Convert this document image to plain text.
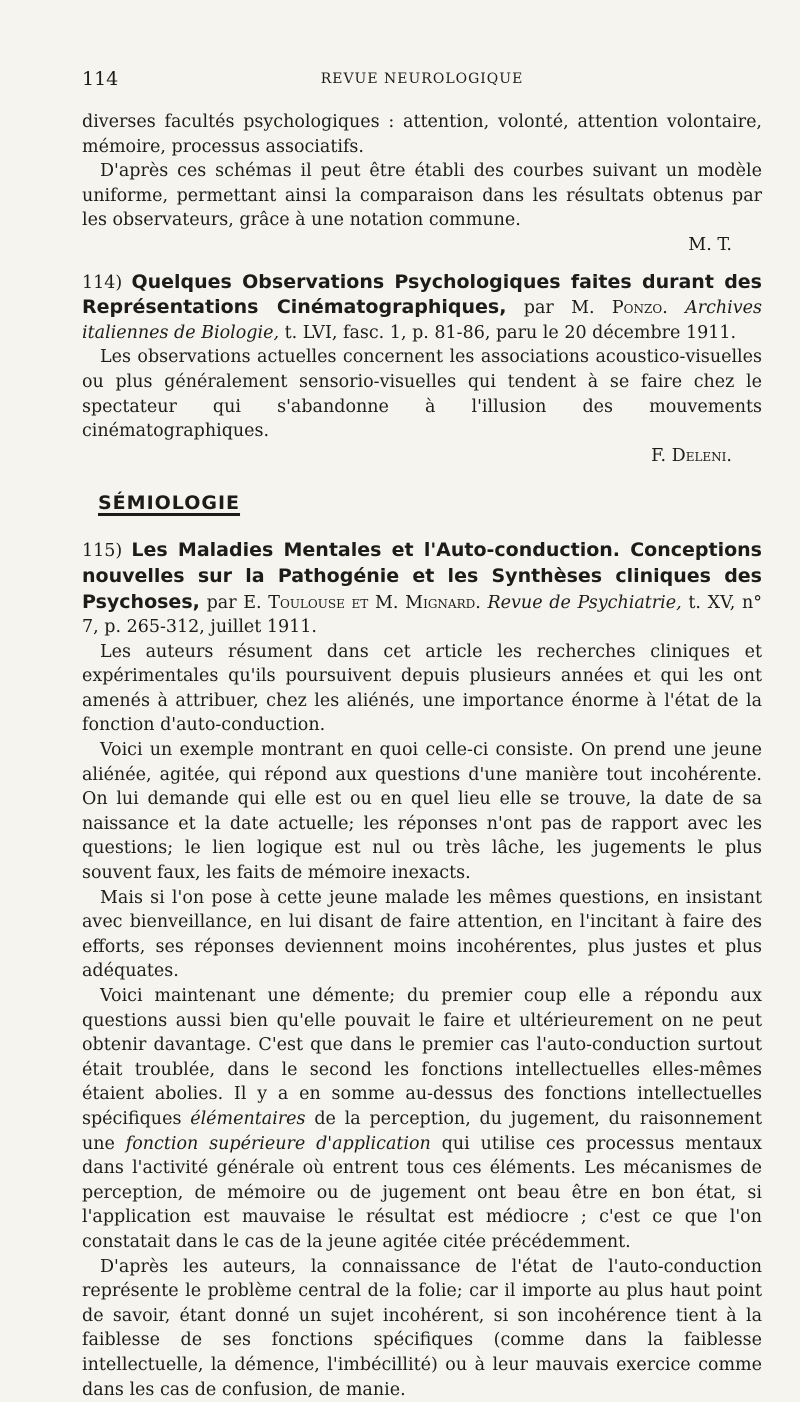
114	REVUE NEUROLOGIQUE

diverses facultés psychologiques : attention, volonté, attention volontaire, mémoire, processus associatifs.

D'après ces schémas il peut être établi des courbes suivant un modèle uniforme, permettant ainsi la comparaison dans les résultats obtenus par les observateurs, grâce à une notation commune.

M. T.

114) Quelques Observations Psychologiques faites durant des Représentations Cinématographiques, par M. Ponzo. Archives italiennes de Biologie, t. LVI, fasc. 1, p. 81-86, paru le 20 décembre 1911.

Les observations actuelles concernent les associations acoustico-visuelles ou plus généralement sensorio-visuelles qui tendent à se faire chez le spectateur qui s'abandonne à l'illusion des mouvements cinématographiques.

F. Deleni.

SÉMIOLOGIE

115) Les Maladies Mentales et l'Auto-conduction. Conceptions nouvelles sur la Pathogénie et les Synthèses cliniques des Psychoses, par E. Toulouse et M. Mignard. Revue de Psychiatrie, t. XV, n° 7, p. 265-312, juillet 1911.

Les auteurs résument dans cet article les recherches cliniques et expérimentales qu'ils poursuivent depuis plusieurs années et qui les ont amenés à attribuer, chez les aliénés, une importance énorme à l'état de la fonction d'auto-conduction.

Voici un exemple montrant en quoi celle-ci consiste. On prend une jeune aliénée, agitée, qui répond aux questions d'une manière tout incohérente. On lui demande qui elle est ou en quel lieu elle se trouve, la date de sa naissance et la date actuelle; les réponses n'ont pas de rapport avec les questions; le lien logique est nul ou très lâche, les jugements le plus souvent faux, les faits de mémoire inexacts.

Mais si l'on pose à cette jeune malade les mêmes questions, en insistant avec bienveillance, en lui disant de faire attention, en l'incitant à faire des efforts, ses réponses deviennent moins incohérentes, plus justes et plus adéquates.

Voici maintenant une démente; du premier coup elle a répondu aux questions aussi bien qu'elle pouvait le faire et ultérieurement on ne peut obtenir davantage. C'est que dans le premier cas l'auto-conduction surtout était troublée, dans le second les fonctions intellectuelles elles-mêmes étaient abolies. Il y a en somme au-dessus des fonctions intellectuelles spécifiques élémentaires de la perception, du jugement, du raisonnement une fonction supérieure d'application qui utilise ces processus mentaux dans l'activité générale où entrent tous ces éléments. Les mécanismes de perception, de mémoire ou de jugement ont beau être en bon état, si l'application est mauvaise le résultat est médiocre ; c'est ce que l'on constatait dans le cas de la jeune agitée citée précédemment.

D'après les auteurs, la connaissance de l'état de l'auto-conduction représente le problème central de la folie; car il importe au plus haut point de savoir, étant donné un sujet incohérent, si son incohérence tient à la faiblesse de ses fonctions spécifiques (comme dans la faiblesse intellectuelle, la démence, l'imbécillité) ou à leur mauvais exercice comme dans les cas de confusion, de manie.
